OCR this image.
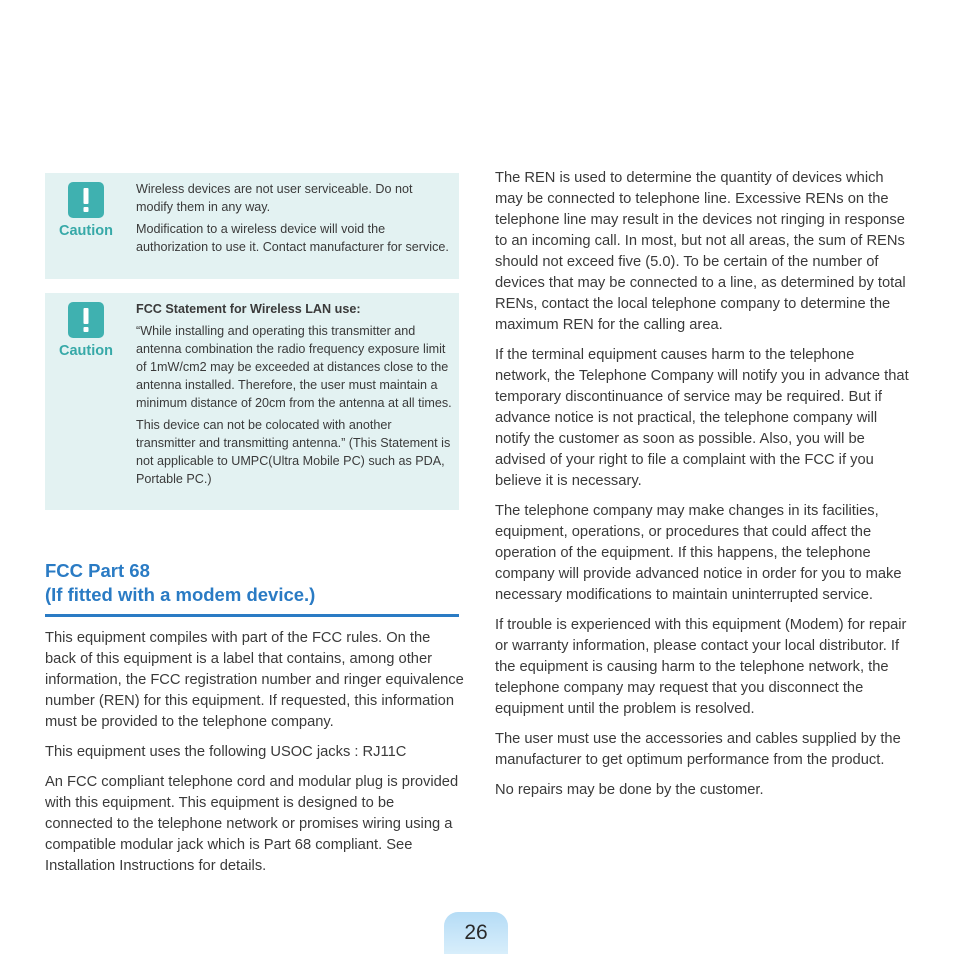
Caution

Wireless devices are not user serviceable. Do not modify them in any way.

Modification to a wireless device will void the authorization to use it. Contact manufacturer for service.

Caution

FCC Statement for Wireless LAN use:

“While installing and operating this transmitter and antenna combination the radio frequency exposure limit of 1mW/cm2 may be exceeded at distances close to the antenna installed. Therefore, the user must maintain a minimum distance of 20cm from the antenna at all times.

This device can not be colocated with another transmitter and transmitting antenna.” (This Statement is not applicable to UMPC(Ultra Mobile PC) such as PDA, Portable PC.)

FCC Part 68
(If fitted with a modem device.)

This equipment compiles with part of the FCC rules. On the back of this equipment is a label that contains, among other information, the FCC registration number and ringer equivalence number (REN) for this equipment. If requested, this information must be provided to the telephone company.

This equipment uses the following USOC jacks : RJ11C

An FCC compliant telephone cord and modular plug is provided with this equipment. This equipment is designed to be connected to the telephone network or promises wiring using a compatible modular jack which is Part 68 compliant. See Installation Instructions for details.

The REN is used to determine the quantity of devices which may be connected to telephone line. Excessive RENs on the telephone line may result in the devices not ringing in response to an incoming call. In most, but not all areas, the sum of RENs should not exceed five (5.0). To be certain of the number of devices that may be connected to a line, as determined by total RENs, contact the local telephone company to determine the maximum REN for the calling area.

If the terminal equipment causes harm to the telephone network, the Telephone Company will notify you in advance that temporary discontinuance of service may be required. But if advance notice is not practical, the telephone company will notify the customer as soon as possible. Also, you will be advised of your right to file a complaint with the FCC if you believe it is necessary.

The telephone company may make changes in its facilities, equipment, operations, or procedures that could affect the operation of the equipment. If this happens, the telephone company will provide advanced notice in order for you to make necessary modifications to maintain uninterrupted service.

If trouble is experienced with this equipment (Modem) for repair or warranty information, please contact your local distributor. If the equipment is causing harm to the telephone network, the telephone company may request that you disconnect the equipment until the problem is resolved.

The user must use the accessories and cables supplied by the manufacturer to get optimum performance from the product.

No repairs may be done by the customer.

26
